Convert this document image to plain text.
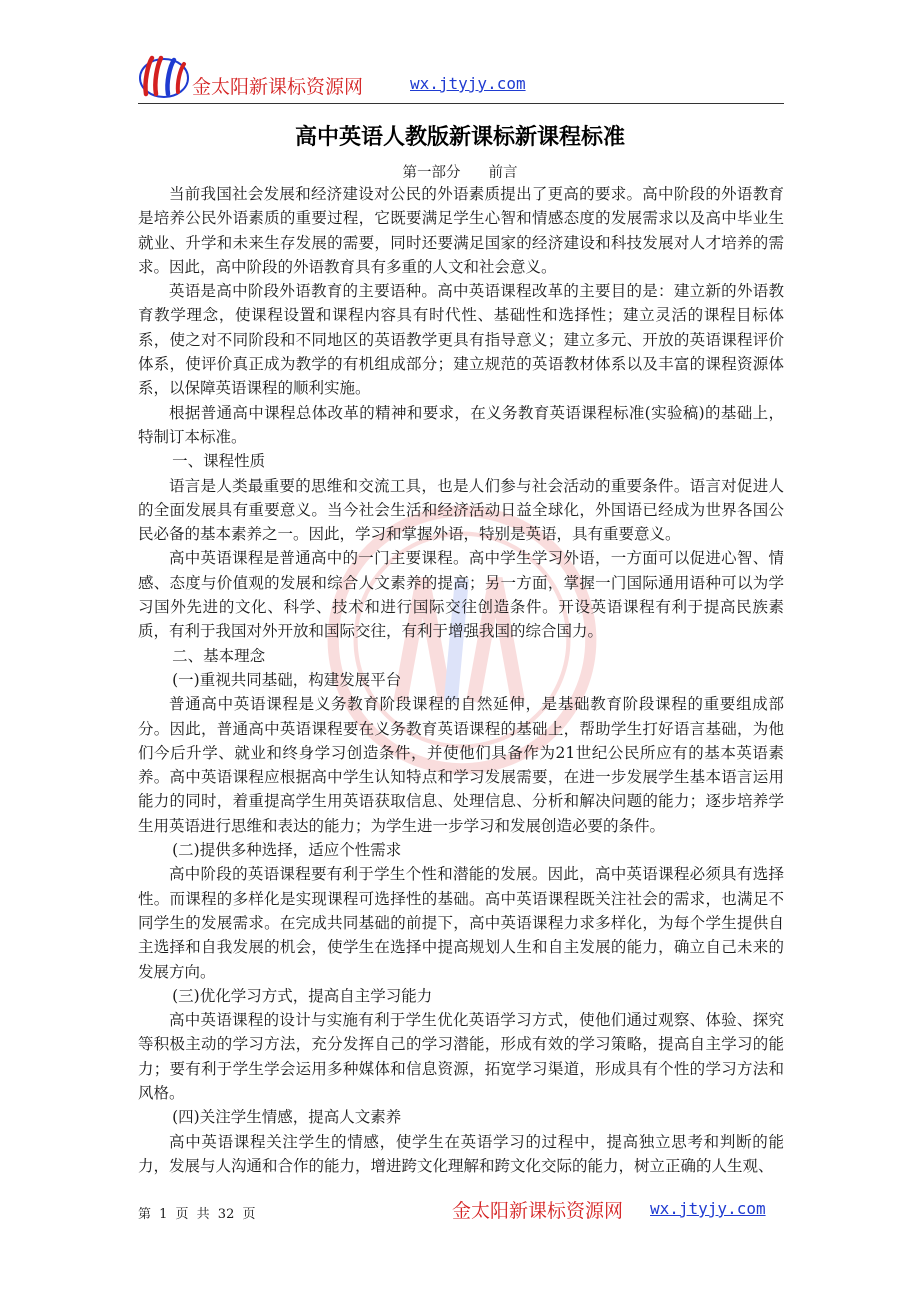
金太阳新课标资源网	wx.jtyjy.com
高中英语人教版新课标新课程标准
第一部分 前言

当前我国社会发展和经济建设对公民的外语素质提出了更高的要求。高中阶段的外语教育是培养公民外语素质的重要过程，它既要满足学生心智和情感态度的发展需求以及高中毕业生就业、升学和未来生存发展的需要，同时还要满足国家的经济建设和科技发展对人才培养的需求。因此，高中阶段的外语教育具有多重的人文和社会意义。

英语是高中阶段外语教育的主要语种。高中英语课程改革的主要目的是：建立新的外语教育教学理念，使课程设置和课程内容具有时代性、基础性和选择性；建立灵活的课程目标体系，使之对不同阶段和不同地区的英语教学更具有指导意义；建立多元、开放的英语课程评价体系，使评价真正成为教学的有机组成部分；建立规范的英语教材体系以及丰富的课程资源体系，以保障英语课程的顺利实施。

根据普通高中课程总体改革的精神和要求，在义务教育英语课程标准(实验稿)的基础上，特制订本标准。

一、课程性质

语言是人类最重要的思维和交流工具，也是人们参与社会活动的重要条件。语言对促进人的全面发展具有重要意义。当今社会生活和经济活动日益全球化，外国语已经成为世界各国公民必备的基本素养之一。因此，学习和掌握外语，特别是英语，具有重要意义。

高中英语课程是普通高中的一门主要课程。高中学生学习外语，一方面可以促进心智、情感、态度与价值观的发展和综合人文素养的提高；另一方面，掌握一门国际通用语种可以为学习国外先进的文化、科学、技术和进行国际交往创造条件。开设英语课程有利于提高民族素质，有利于我国对外开放和国际交往，有利于增强我国的综合国力。

二、基本理念

(一)重视共同基础，构建发展平台

普通高中英语课程是义务教育阶段课程的自然延伸，是基础教育阶段课程的重要组成部分。因此，普通高中英语课程要在义务教育英语课程的基础上，帮助学生打好语言基础，为他们今后升学、就业和终身学习创造条件，并使他们具备作为21世纪公民所应有的基本英语素养。高中英语课程应根据高中学生认知特点和学习发展需要，在进一步发展学生基本语言运用能力的同时，着重提高学生用英语获取信息、处理信息、分析和解决问题的能力；逐步培养学生用英语进行思维和表达的能力；为学生进一步学习和发展创造必要的条件。

(二)提供多种选择，适应个性需求

高中阶段的英语课程要有利于学生个性和潜能的发展。因此，高中英语课程必须具有选择性。而课程的多样化是实现课程可选择性的基础。高中英语课程既关注社会的需求，也满足不同学生的发展需求。在完成共同基础的前提下，高中英语课程力求多样化，为每个学生提供自主选择和自我发展的机会，使学生在选择中提高规划人生和自主发展的能力，确立自己未来的发展方向。

(三)优化学习方式，提高自主学习能力

高中英语课程的设计与实施有利于学生优化英语学习方式，使他们通过观察、体验、探究等积极主动的学习方法，充分发挥自己的学习潜能，形成有效的学习策略，提高自主学习的能力；要有利于学生学会运用多种媒体和信息资源，拓宽学习渠道，形成具有个性的学习方法和风格。

(四)关注学生情感，提高人文素养

高中英语课程关注学生的情感，使学生在英语学习的过程中，提高独立思考和判断的能力，发展与人沟通和合作的能力，增进跨文化理解和跨文化交际的能力，树立正确的人生观、

第 1 页 共 32 页	金太阳新课标资源网 wx.jtyjy.com
